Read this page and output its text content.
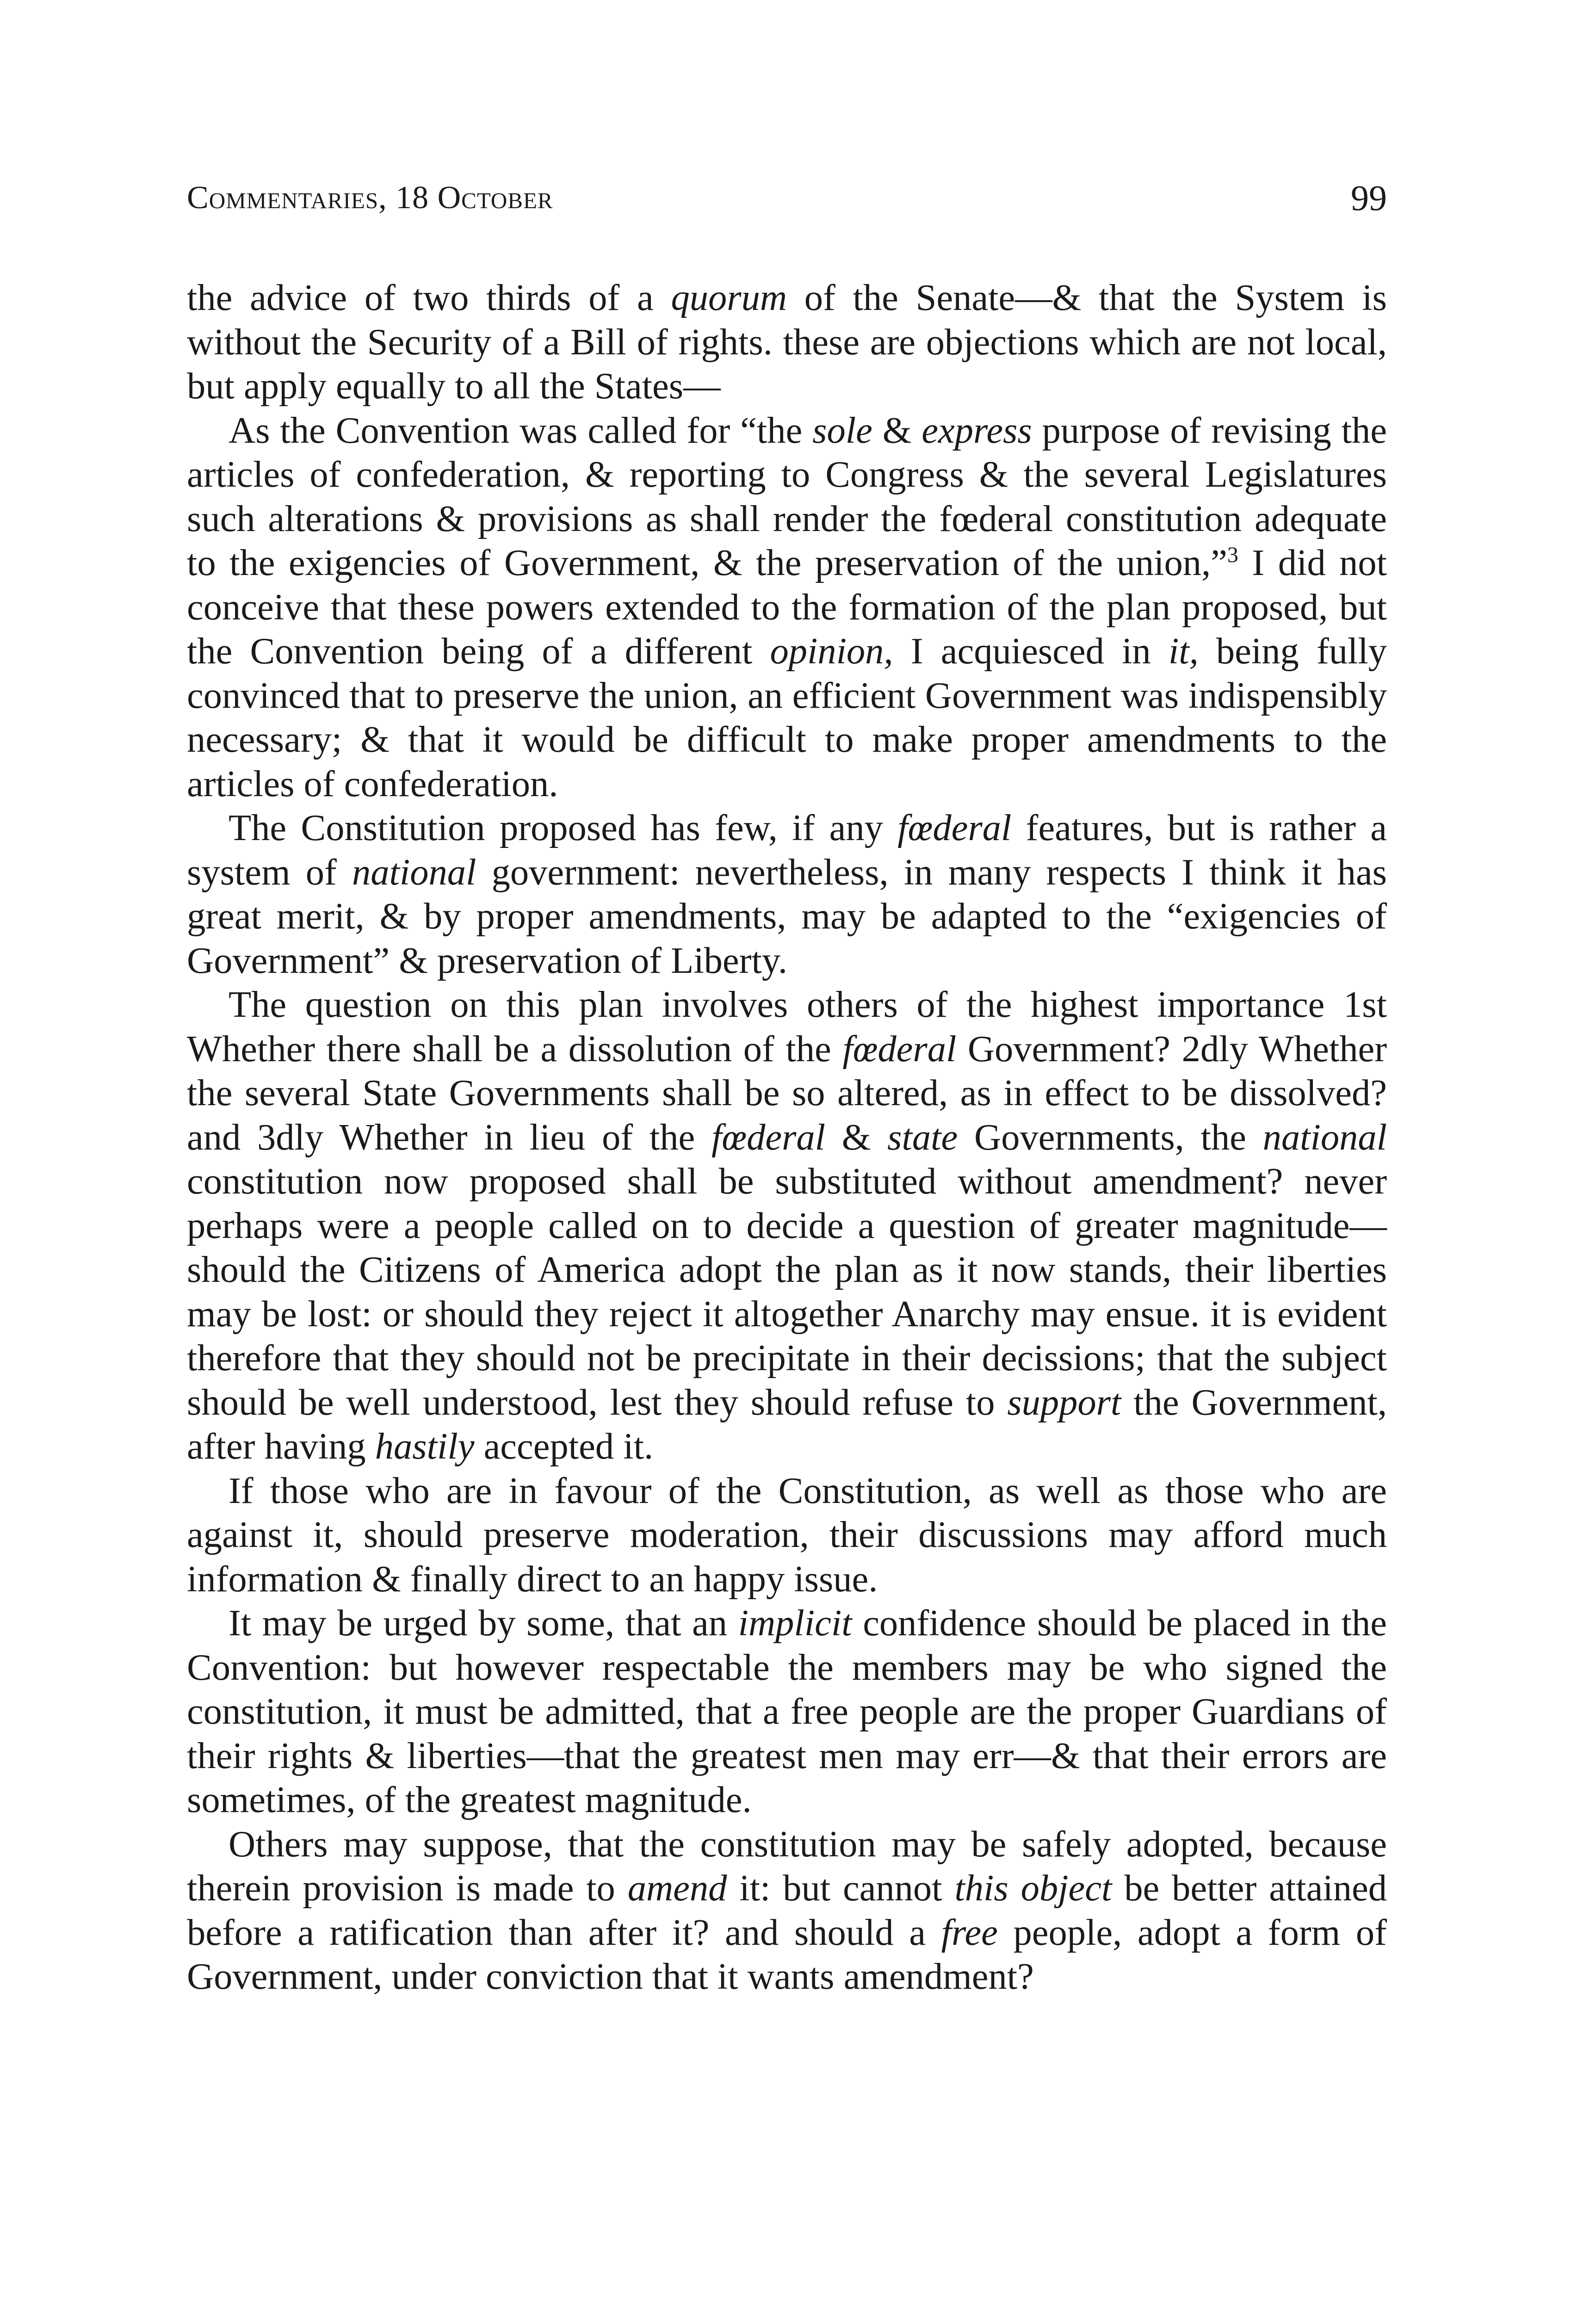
Commentaries, 18 October	99

the advice of two thirds of a quorum of the Senate—& that the System is without the Security of a Bill of rights. these are objections which are not local, but apply equally to all the States—

As the Convention was called for “the sole & express purpose of revising the articles of confederation, & reporting to Congress & the several Legislatures such alterations & provisions as shall render the fœderal constitution adequate to the exigencies of Government, & the preservation of the union,”$^3$ I did not conceive that these powers extended to the formation of the plan proposed, but the Convention being of a different opinion, I acquiesced in it, being fully convinced that to preserve the union, an efficient Government was indispensibly necessary; & that it would be difficult to make proper amendments to the articles of confederation.

The Constitution proposed has few, if any fœderal features, but is rather a system of national government: nevertheless, in many respects I think it has great merit, & by proper amendments, may be adapted to the “exigencies of Government” & preservation of Liberty.

The question on this plan involves others of the highest importance 1st Whether there shall be a dissolution of the fœderal Government? 2dly Whether the several State Governments shall be so altered, as in effect to be dissolved? and 3dly Whether in lieu of the fœderal & state Governments, the national constitution now proposed shall be substituted without amendment? never perhaps were a people called on to decide a question of greater magnitude—should the Citizens of America adopt the plan as it now stands, their liberties may be lost: or should they reject it altogether Anarchy may ensue. it is evident therefore that they should not be precipitate in their decissions; that the subject should be well understood, lest they should refuse to support the Government, after having hastily accepted it.

If those who are in favour of the Constitution, as well as those who are against it, should preserve moderation, their discussions may afford much information & finally direct to an happy issue.

It may be urged by some, that an implicit confidence should be placed in the Convention: but however respectable the members may be who signed the constitution, it must be admitted, that a free people are the proper Guardians of their rights & liberties—that the greatest men may err—& that their errors are sometimes, of the greatest magnitude.

Others may suppose, that the constitution may be safely adopted, because therein provision is made to amend it: but cannot this object be better attained before a ratification than after it? and should a free people, adopt a form of Government, under conviction that it wants amendment?
